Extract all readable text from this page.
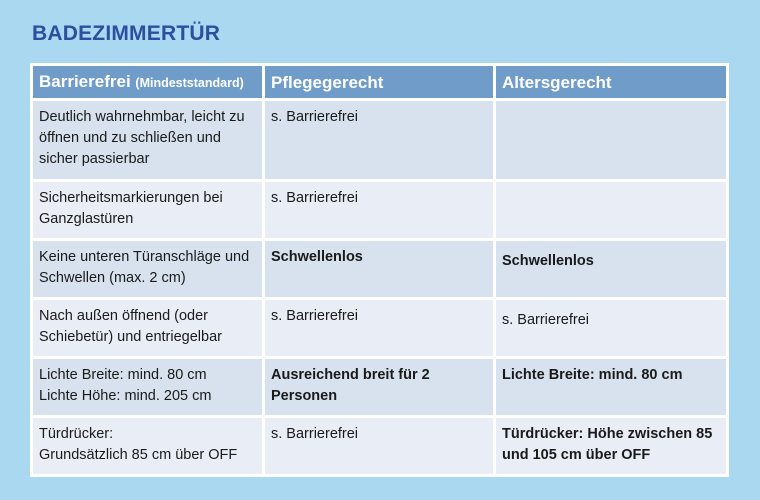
BADEZIMMERTÜR
Barrierefrei (Mindeststandard)	Pflegegerecht	Altersgerecht
Deutlich wahrnehmbar, leicht zu öffnen und zu schließen und sicher passierbar	s. Barrierefrei	
Sicherheitsmarkierungen bei Ganzglastüren	s. Barrierefrei	
Keine unteren Türanschläge und Schwellen (max. 2 cm)	Schwellenlos	Schwellenlos
Nach außen öffnend (oder Schiebetür) und entriegelbar	s. Barrierefrei	s. Barrierefrei
Lichte Breite: mind. 80 cm
Lichte Höhe: mind. 205 cm	Ausreichend breit für 2 Personen	Lichte Breite: mind. 80 cm
Türdrücker:
Grundsätzlich 85 cm über OFF	s. Barrierefrei	Türdrücker: Höhe zwischen 85 und 105 cm über OFF
